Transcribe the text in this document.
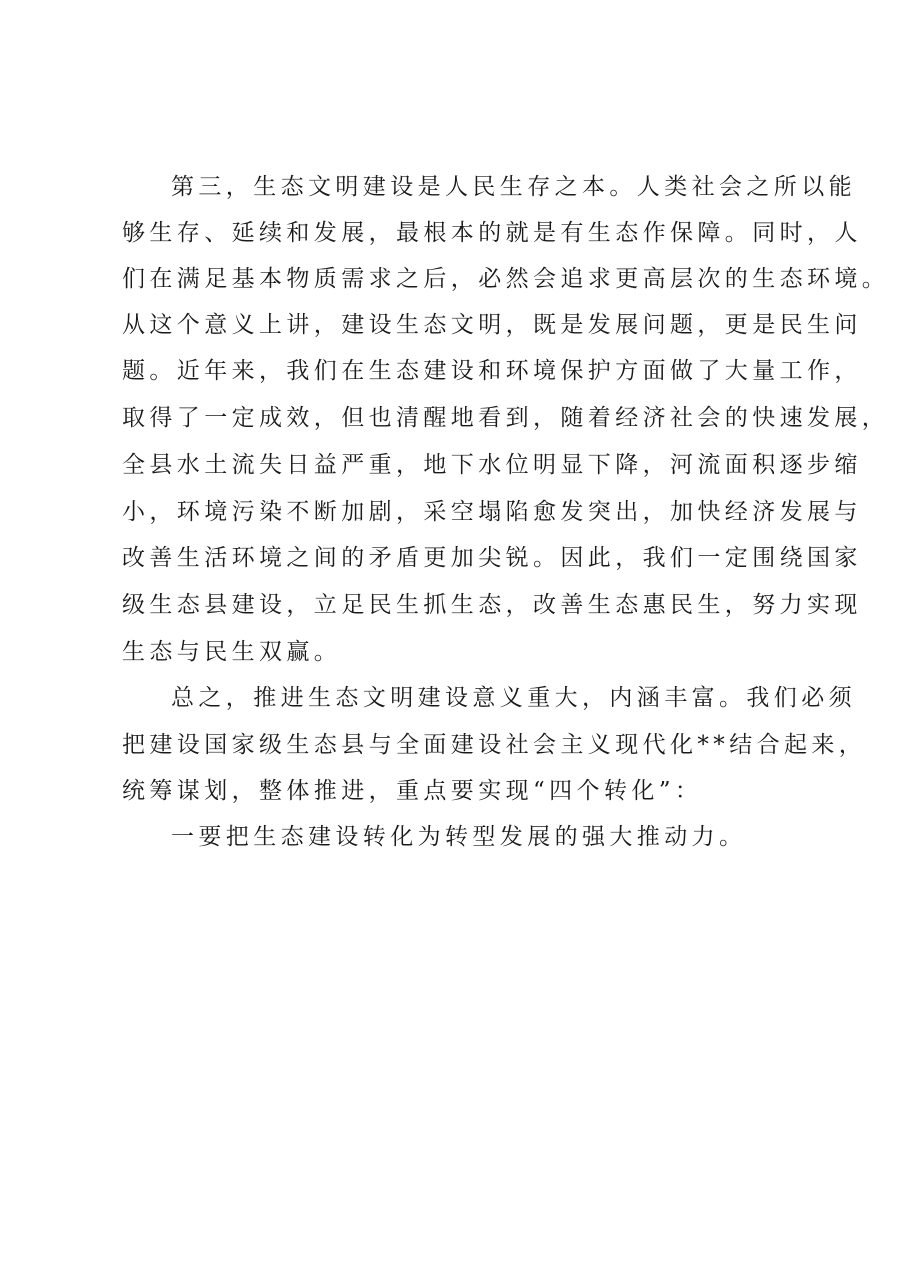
第三，生态文明建设是人民生存之本。人类社会之所以能
够生存、延续和发展，最根本的就是有生态作保障。同时，人
们在满足基本物质需求之后，必然会追求更高层次的生态环境。
从这个意义上讲，建设生态文明，既是发展问题，更是民生问
题。近年来，我们在生态建设和环境保护方面做了大量工作，
取得了一定成效，但也清醒地看到，随着经济社会的快速发展，
全县水土流失日益严重，地下水位明显下降，河流面积逐步缩
小，环境污染不断加剧，采空塌陷愈发突出，加快经济发展与
改善生活环境之间的矛盾更加尖锐。因此，我们一定围绕国家
级生态县建设，立足民生抓生态，改善生态惠民生，努力实现
生态与民生双赢。
总之，推进生态文明建设意义重大，内涵丰富。我们必须
把建设国家级生态县与全面建设社会主义现代化**结合起来，
统筹谋划，整体推进，重点要实现“四个转化”：
一要把生态建设转化为转型发展的强大推动力。
